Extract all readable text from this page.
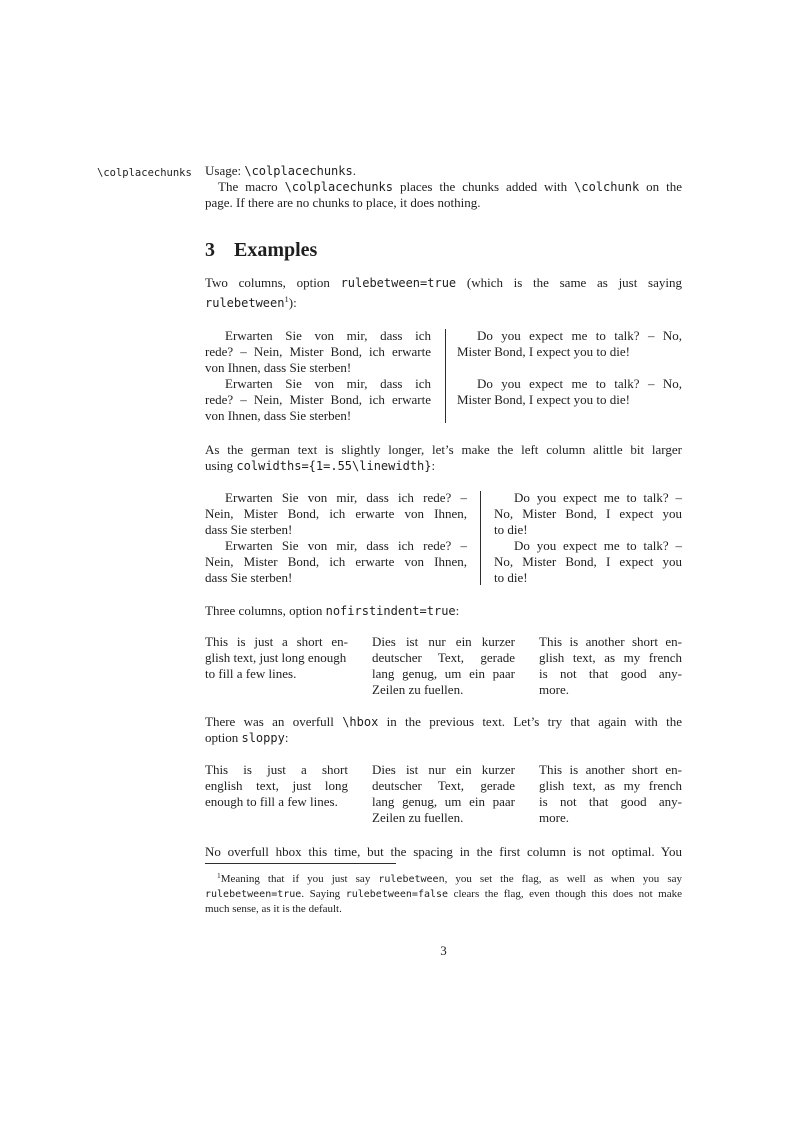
\colplacechunks Usage: \colplacechunks.
The macro \colplacechunks places the chunks added with \colchunk on the
page. If there are no chunks to place, it does nothing.
3 Examples
Two columns, option rulebetween=true (which is the same as just saying
rulebetween$^1$):
Erwarten Sie von mir, dass ich
rede? – Nein, Mister Bond, ich erwarte
von Ihnen, dass Sie sterben!
Do you expect me to talk? – No,
Mister Bond, I expect you to die!
Erwarten Sie von mir, dass ich
rede? – Nein, Mister Bond, ich erwarte
von Ihnen, dass Sie sterben!
Do you expect me to talk? – No,
Mister Bond, I expect you to die!
As the german text is slightly longer, let’s make the left column alittle bit larger
using colwidths={1=.55\linewidth}:
Erwarten Sie von mir, dass ich rede? –
Nein, Mister Bond, ich erwarte von Ihnen,
dass Sie sterben!
Do you expect me to talk? –
No, Mister Bond, I expect you
to die!
Erwarten Sie von mir, dass ich rede? –
Nein, Mister Bond, ich erwarte von Ihnen,
dass Sie sterben!
Do you expect me to talk? –
No, Mister Bond, I expect you
to die!
Three columns, option nofirstindent=true:
This is just a short en-
glish text, just long enough
to fill a few lines.
Dies ist nur ein kurzer
deutscher Text, gerade
lang genug, um ein paar
Zeilen zu fuellen.
This is another short en-
glish text, as my french
is not that good any-
more.
There was an overfull \hbox in the previous text. Let’s try that again with the
option sloppy:
This is just a short
english text, just long
enough to fill a few lines.
Dies ist nur ein kurzer
deutscher Text, gerade
lang genug, um ein paar
Zeilen zu fuellen.
This is another short en-
glish text, as my french
is not that good any-
more.
No overfull hbox this time, but the spacing in the first column is not optimal. You
$^1$Meaning that if you just say rulebetween, you set the flag, as well as when you say
rulebetween=true. Saying rulebetween=false clears the flag, even though this does not make
much sense, as it is the default.
3
